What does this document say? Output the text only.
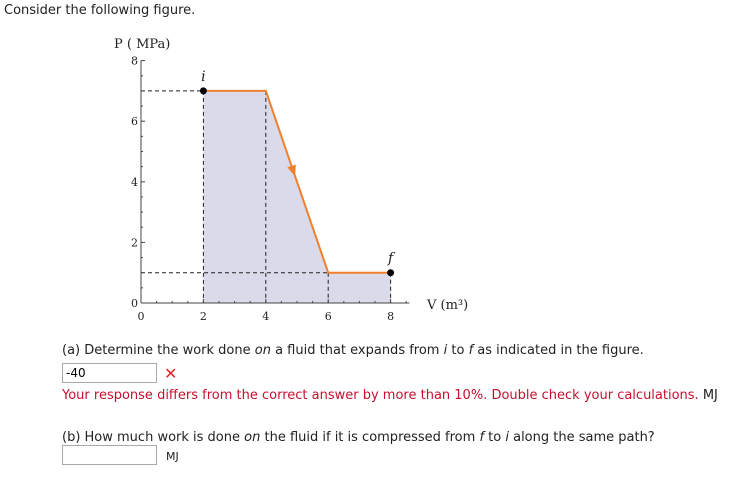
Consider the following figure.
0	2	4	6	8
0
2
4
6
8
P ( MPa)
V (m³)
i
f
(a) Determine the work done on a fluid that expands from i to f as indicated in the figure.
-40
✕
Your response differs from the correct answer by more than 10%. Double check your calculations. MJ
(b) How much work is done on the fluid if it is compressed from f to i along the same path?
MJ
